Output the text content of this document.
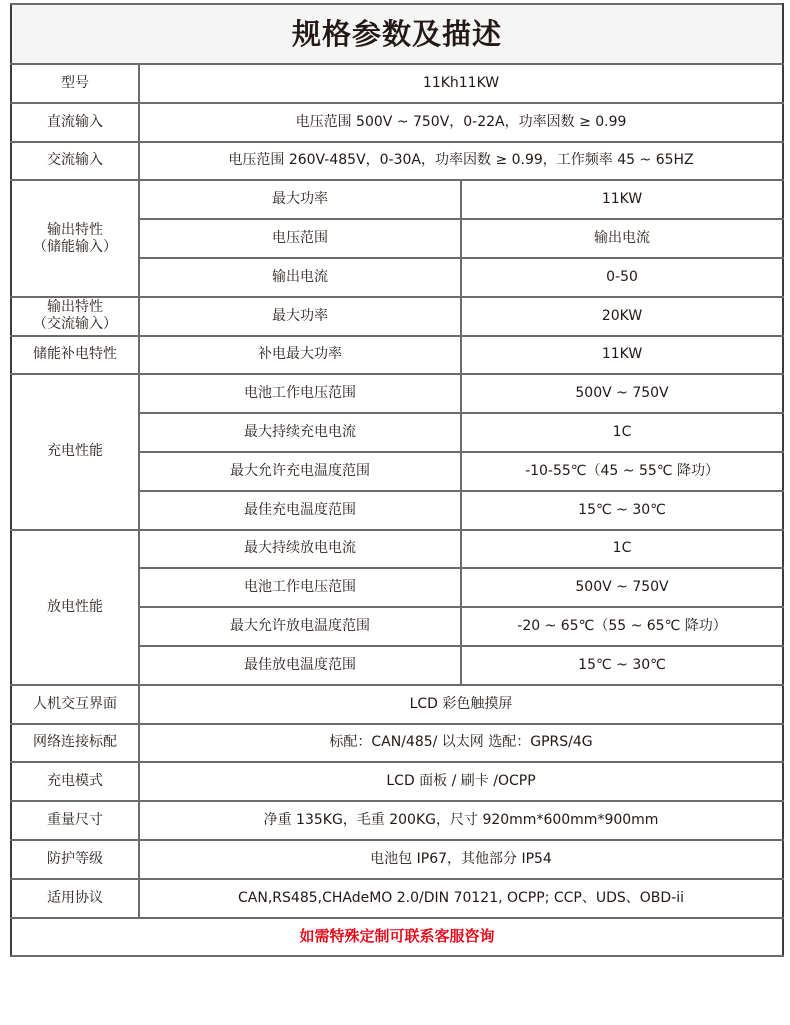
规格参数及描述		
型号	11Kh11KW	
直流输入	电压范围 500V ~ 750V，0-22A，功率因数 ≥ 0.99	
交流输入	电压范围 260V-485V，0-30A，功率因数 ≥ 0.99，工作频率 45 ~ 65HZ	

输出特性
（储能输入）	最大功率	11KW
	电压范围	输出电流
	输出电流	0-50

输出特性
（交流输入）	最大功率	20KW
储能补电特性	补电最大功率	11KW
充电性能	电池工作电压范围	500V ~ 750V
	最大持续充电电流	1C
	最大允许充电温度范围	-10-55℃（45 ~ 55℃ 降功）
	最佳充电温度范围	15℃ ~ 30℃
放电性能	最大持续放电电流	1C
	电池工作电压范围	500V ~ 750V
	最大允许放电温度范围	-20 ~ 65℃（55 ~ 65℃ 降功）
	最佳放电温度范围	15℃ ~ 30℃
人机交互界面	LCD 彩色触摸屏	
网络连接标配	标配：CAN/485/ 以太网 选配：GPRS/4G	
充电模式	LCD 面板 / 刷卡 /OCPP	
重量尺寸	净重 135KG，毛重 200KG，尺寸 920mm*600mm*900mm	
防护等级	电池包 IP67，其他部分 IP54	
适用协议	CAN,RS485,CHAdeMO 2.0/DIN 70121, OCPP; CCP、UDS、OBD-ii	
如需特殊定制可联系客服咨询		
